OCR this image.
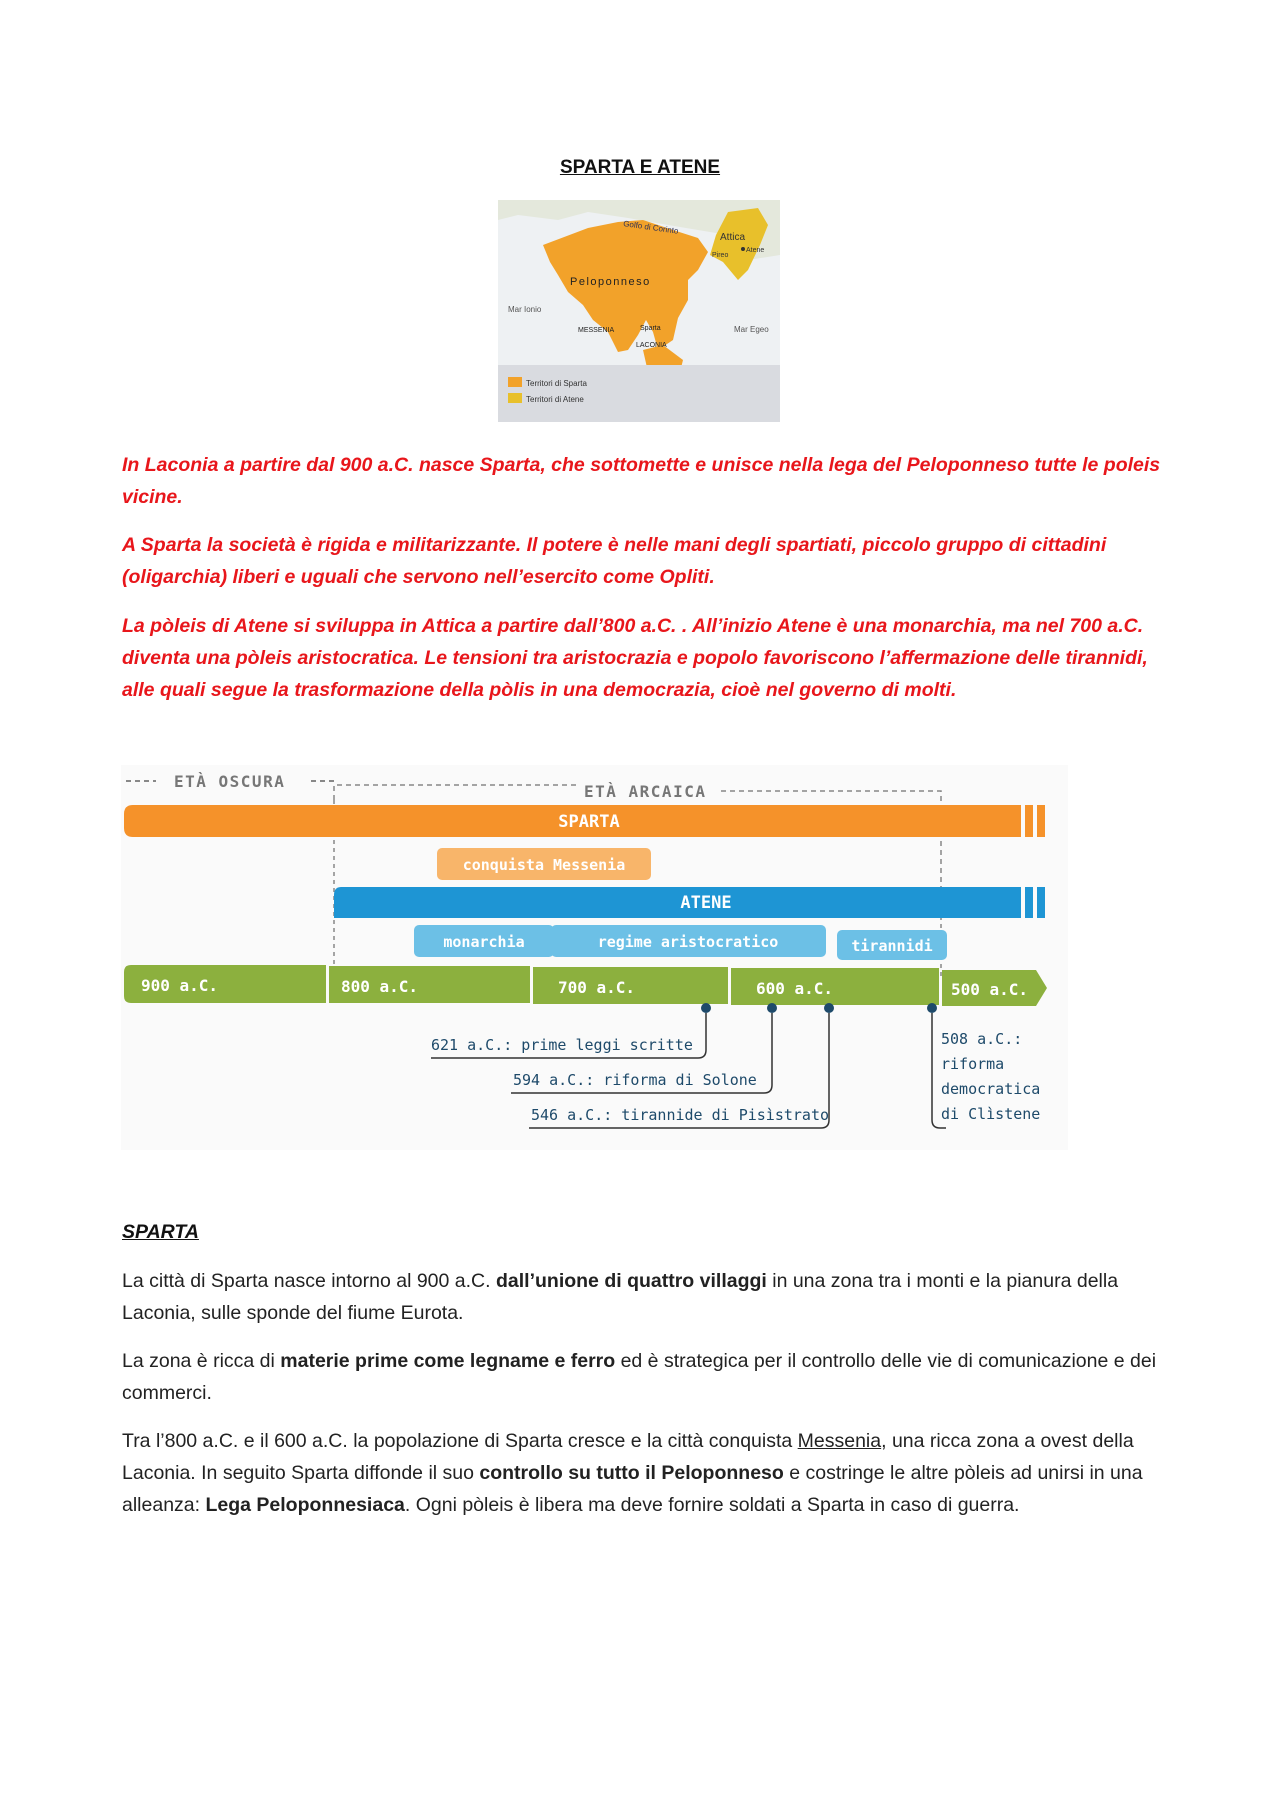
SPARTA E ATENE
Golfo di Corinto
Attica
Atene
Pireo
Peloponneso
Mar Ionio
Mar Egeo
MESSENIA	Sparta
LACONIA
Territori di Sparta
Territori di Atene

In Laconia a partire dal 900 a.C. nasce Sparta, che sottomette e unisce nella lega del Peloponneso tutte le poleis vicine.

A Sparta la società è rigida e militarizzante. Il potere è nelle mani degli spartiati, piccolo gruppo di cittadini (oligarchia) liberi e uguali che servono nell’esercito come Opliti.

La pòleis di Atene si sviluppa in Attica a partire dall’800 a.C. . All’inizio Atene è una monarchia, ma nel 700 a.C. diventa una pòleis aristocratica. Le tensioni tra aristocrazia e popolo favoriscono l’affermazione delle tirannidi, alle quali segue la trasformazione della pòlis in una democrazia, cioè nel governo di molti.

ETÀ OSCURA
ETÀ ARCAICA
SPARTA
conquista Messenia
ATENE
monarchia	regime aristocratico	tirannidi
900 a.C.	800 a.C.	700 a.C.	600 a.C.	500 a.C.
621 a.C.: prime leggi scritte
594 a.C.: riforma di Solone
546 a.C.: tirannide di Pisìstrato
508 a.C.:
riforma
democratica
di Clìstene
SPARTA

La città di Sparta nasce intorno al 900 a.C. dall’unione di quattro villaggi in una zona tra i monti e la pianura della Laconia, sulle sponde del fiume Eurota.

La zona è ricca di materie prime come legname e ferro ed è strategica per il controllo delle vie di comunicazione e dei commerci.

Tra l’800 a.C. e il 600 a.C. la popolazione di Sparta cresce e la città conquista Messenia, una ricca zona a ovest della Laconia. In seguito Sparta diffonde il suo controllo su tutto il Peloponneso e costringe le altre pòleis ad unirsi in una alleanza: Lega Peloponnesiaca. Ogni pòleis è libera ma deve fornire soldati a Sparta in caso di guerra.
